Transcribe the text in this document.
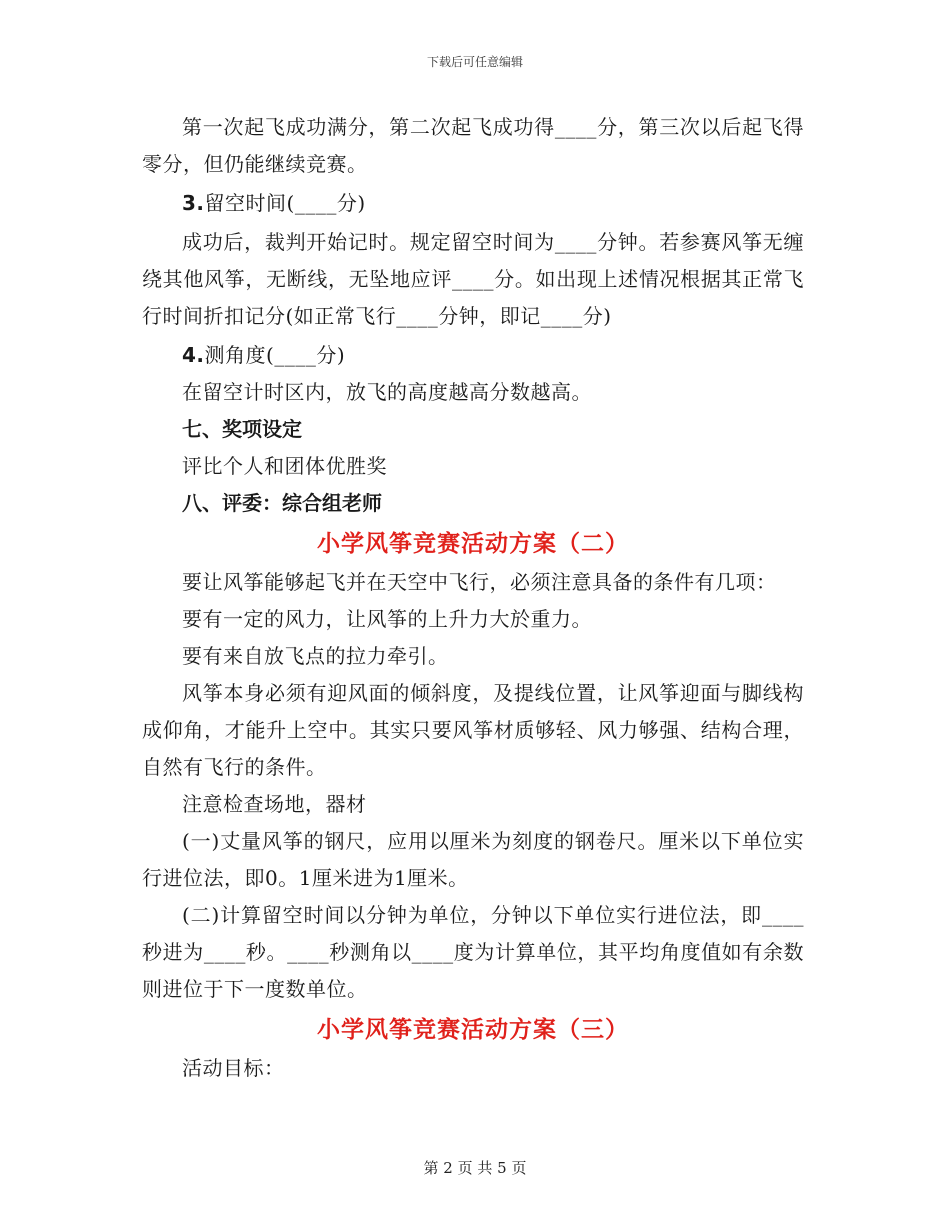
下载后可任意编辑

第一次起飞成功满分，第二次起飞成功得____分，第三次以后起飞得零分，但仍能继续竞赛。

3.留空时间(____分)

成功后，裁判开始记时。规定留空时间为____分钟。若参赛风筝无缠绕其他风筝，无断线，无坠地应评____分。如出现上述情况根据其正常飞行时间折扣记分(如正常飞行____分钟，即记____分)

4.测角度(____分)

在留空计时区内，放飞的高度越高分数越高。

七、奖项设定

评比个人和团体优胜奖

八、评委：综合组老师

小学风筝竞赛活动方案（二）

要让风筝能够起飞并在天空中飞行，必须注意具备的条件有几项：

要有一定的风力，让风筝的上升力大於重力。

要有来自放飞点的拉力牵引。

风筝本身必须有迎风面的倾斜度，及提线位置，让风筝迎面与脚线构成仰角，才能升上空中。其实只要风筝材质够轻、风力够强、结构合理，自然有飞行的条件。

注意检查场地，器材

(一)丈量风筝的钢尺，应用以厘米为刻度的钢卷尺。厘米以下单位实行进位法，即0。1厘米进为1厘米。

(二)计算留空时间以分钟为单位，分钟以下单位实行进位法，即____秒进为____秒。____秒测角以____度为计算单位，其平均角度值如有余数则进位于下一度数单位。

小学风筝竞赛活动方案（三）

活动目标：

第 2 页 共 5 页
